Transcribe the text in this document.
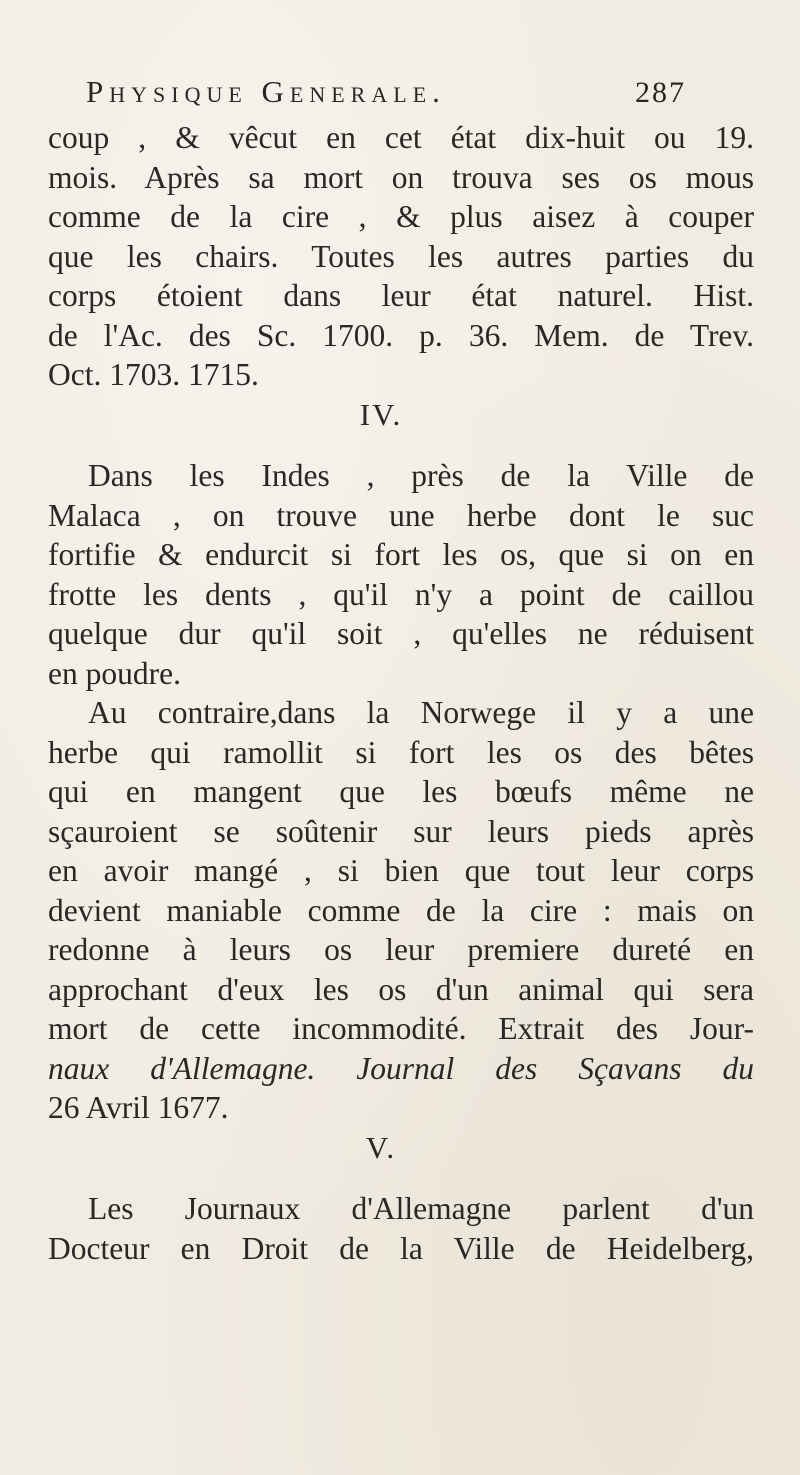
Physique Generale.	287
coup , & vêcut en cet état dix-huit ou 19.
mois. Après sa mort on trouva ses os mous
comme de la cire , & plus aisez à couper
que les chairs. Toutes les autres parties du
corps étoient dans leur état naturel. Hist.
de l'Ac. des Sc. 1700. p. 36. Mem. de Trev.
Oct. 1703. 1715.
IV.
Dans les Indes , près de la Ville de
Malaca , on trouve une herbe dont le suc
fortifie & endurcit si fort les os, que si on en
frotte les dents , qu'il n'y a point de caillou
quelque dur qu'il soit , qu'elles ne réduisent
en poudre.
Au contraire,dans la Norwege il y a une
herbe qui ramollit si fort les os des bêtes
qui en mangent que les bœufs même ne
sçauroient se soûtenir sur leurs pieds après
en avoir mangé , si bien que tout leur corps
devient maniable comme de la cire : mais on
redonne à leurs os leur premiere dureté en
approchant d'eux les os d'un animal qui sera
mort de cette incommodité. Extrait des Jour-
naux d'Allemagne. Journal des Sçavans du
26 Avril 1677.
V.
Les Journaux d'Allemagne parlent d'un
Docteur en Droit de la Ville de Heidelberg,
